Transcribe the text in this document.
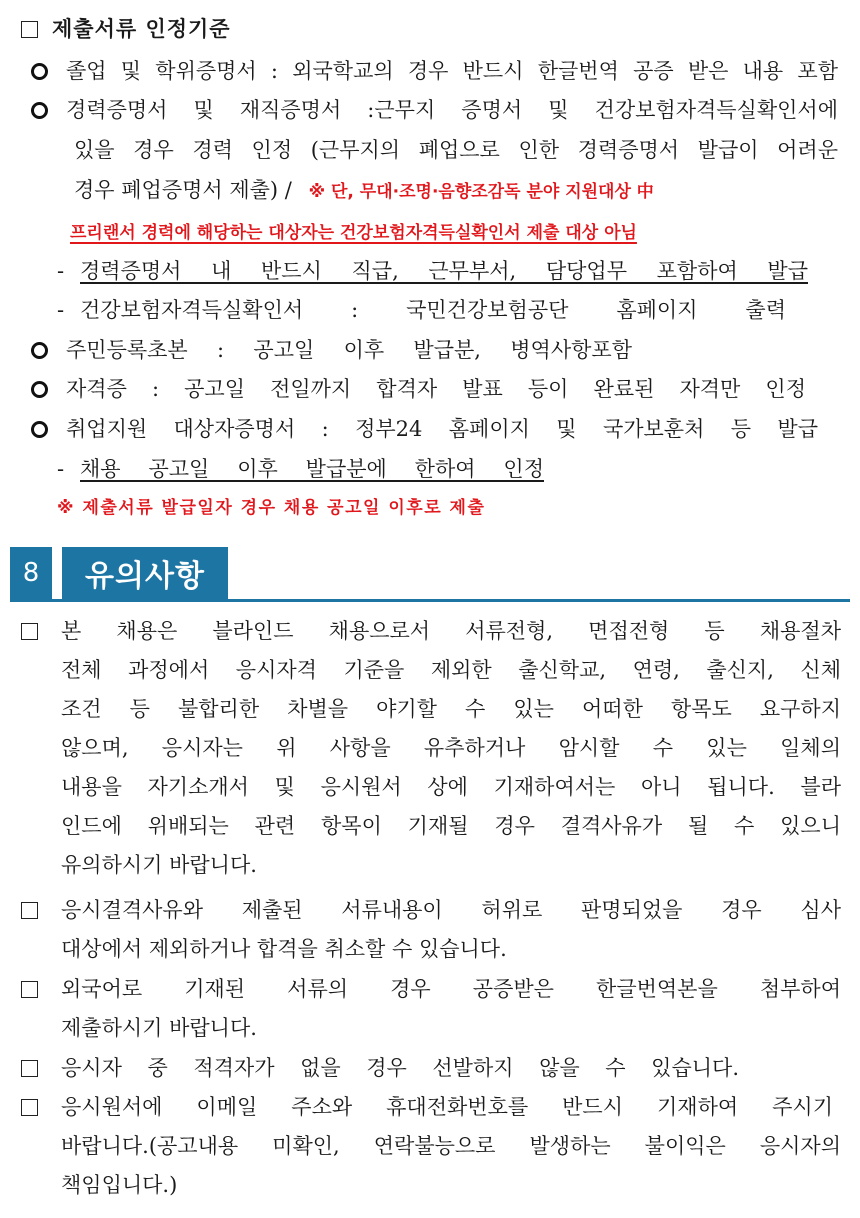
제출서류 인정기준
졸업 및 학위증명서 : 외국학교의 경우 반드시 한글번역 공증 받은 내용 포함
경력증명서 및 재직증명서 :근무지 증명서 및 건강보험자격득실확인서에
있을 경우 경력 인정 (근무지의 폐업으로 인한 경력증명서 발급이 어려운
경우 폐업증명서 제출) / ※ 단, 무대·조명·음향조감독 분야 지원대상 中
프리랜서 경력에 해당하는 대상자는 건강보험자격득실확인서 제출 대상 아님
- 경력증명서 내 반드시 직급, 근무부서, 담당업무 포함하여 발급
- 건강보험자격득실확인서 : 국민건강보험공단 홈페이지 출력
주민등록초본 : 공고일 이후 발급분, 병역사항포함
자격증 : 공고일 전일까지 합격자 발표 등이 완료된 자격만 인정
취업지원 대상자증명서 : 정부24 홈페이지 및 국가보훈처 등 발급
- 채용 공고일 이후 발급분에 한하여 인정
※ 제출서류 발급일자 경우 채용 공고일 이후로 제출
8	유의사항
본 채용은 블라인드 채용으로서 서류전형, 면접전형 등 채용절차
전체 과정에서 응시자격 기준을 제외한 출신학교, 연령, 출신지, 신체
조건 등 불합리한 차별을 야기할 수 있는 어떠한 항목도 요구하지
않으며, 응시자는 위 사항을 유추하거나 암시할 수 있는 일체의
내용을 자기소개서 및 응시원서 상에 기재하여서는 아니 됩니다. 블라
인드에 위배되는 관련 항목이 기재될 경우 결격사유가 될 수 있으니
유의하시기 바랍니다.
응시결격사유와 제출된 서류내용이 허위로 판명되었을 경우 심사
대상에서 제외하거나 합격을 취소할 수 있습니다.
외국어로 기재된 서류의 경우 공증받은 한글번역본을 첨부하여
제출하시기 바랍니다.
응시자 중 적격자가 없을 경우 선발하지 않을 수 있습니다.
응시원서에 이메일 주소와 휴대전화번호를 반드시 기재하여 주시기
바랍니다.(공고내용 미확인, 연락불능으로 발생하는 불이익은 응시자의
책임입니다.)
